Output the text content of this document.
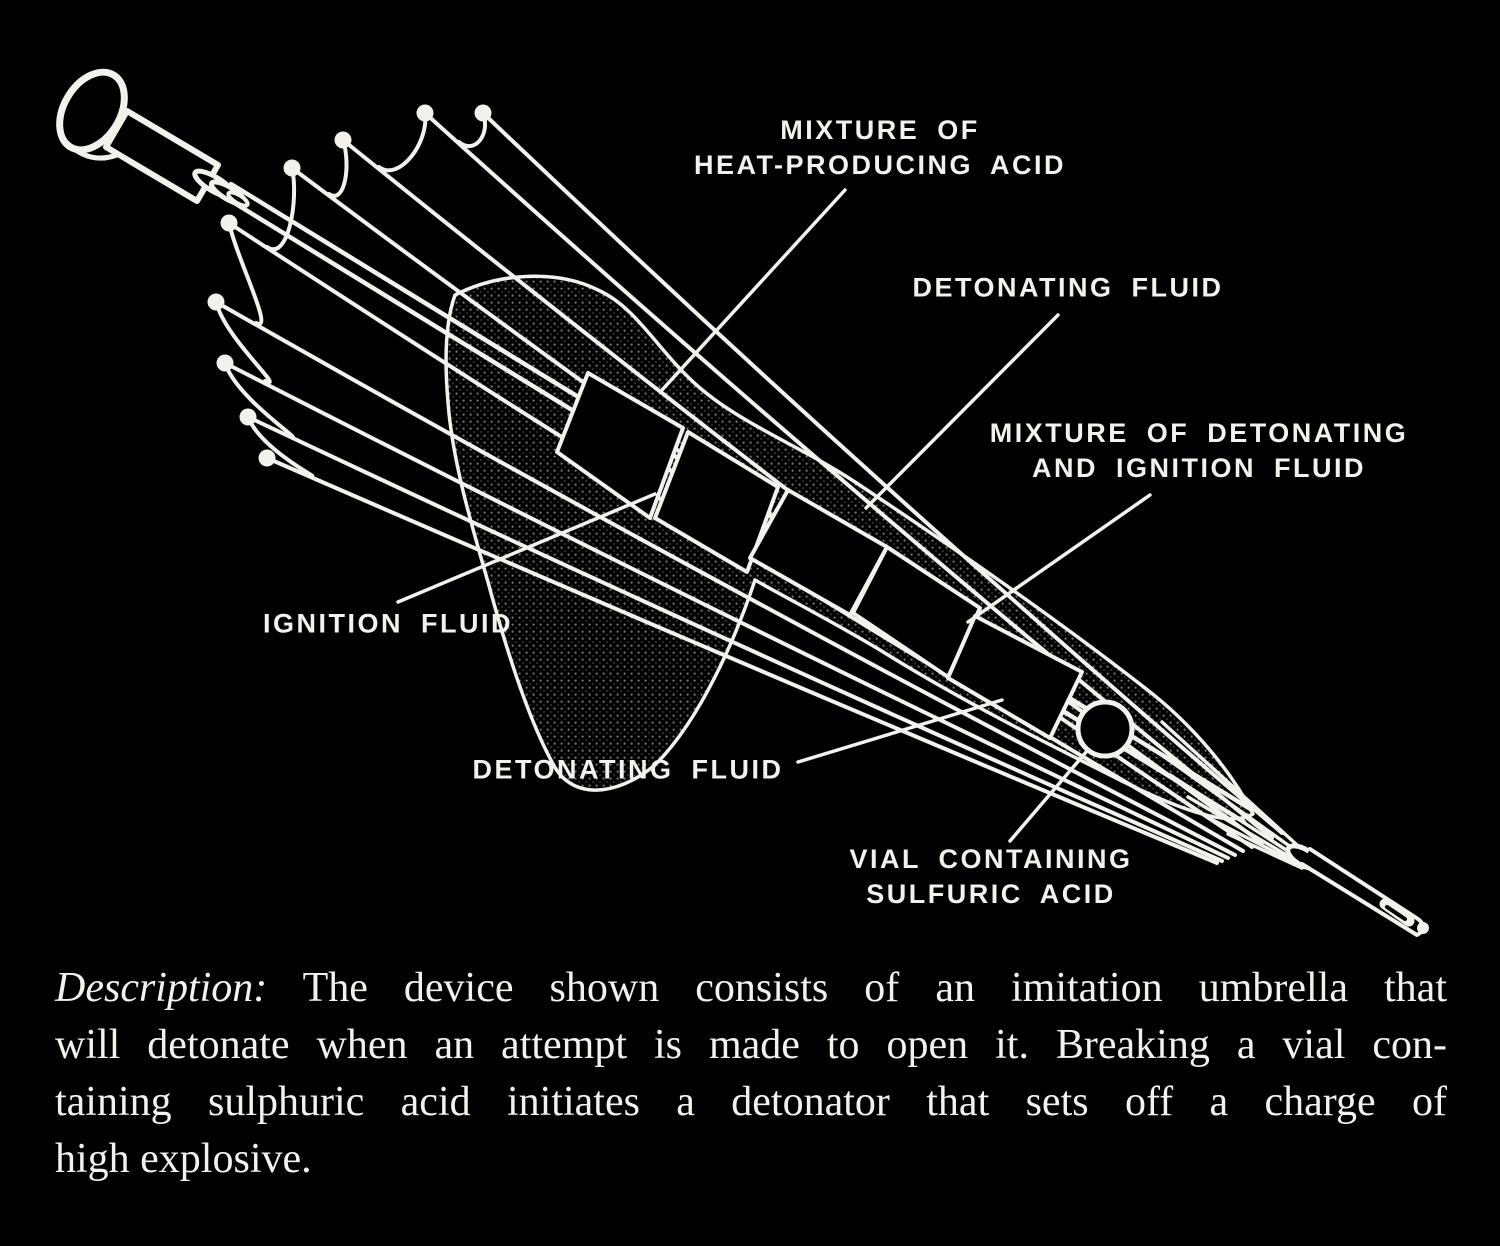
MIXTURE OF
HEAT-PRODUCING ACID
DETONATING FLUID
MIXTURE OF DETONATING
AND IGNITION FLUID
IGNITION FLUID
DETONATING FLUID
VIAL CONTAINING
SULFURIC ACID
Description: The device shown consists of an imitation umbrella that
will detonate when an attempt is made to open it. Breaking a vial con-
taining sulphuric acid initiates a detonator that sets off a charge of
high explosive.
